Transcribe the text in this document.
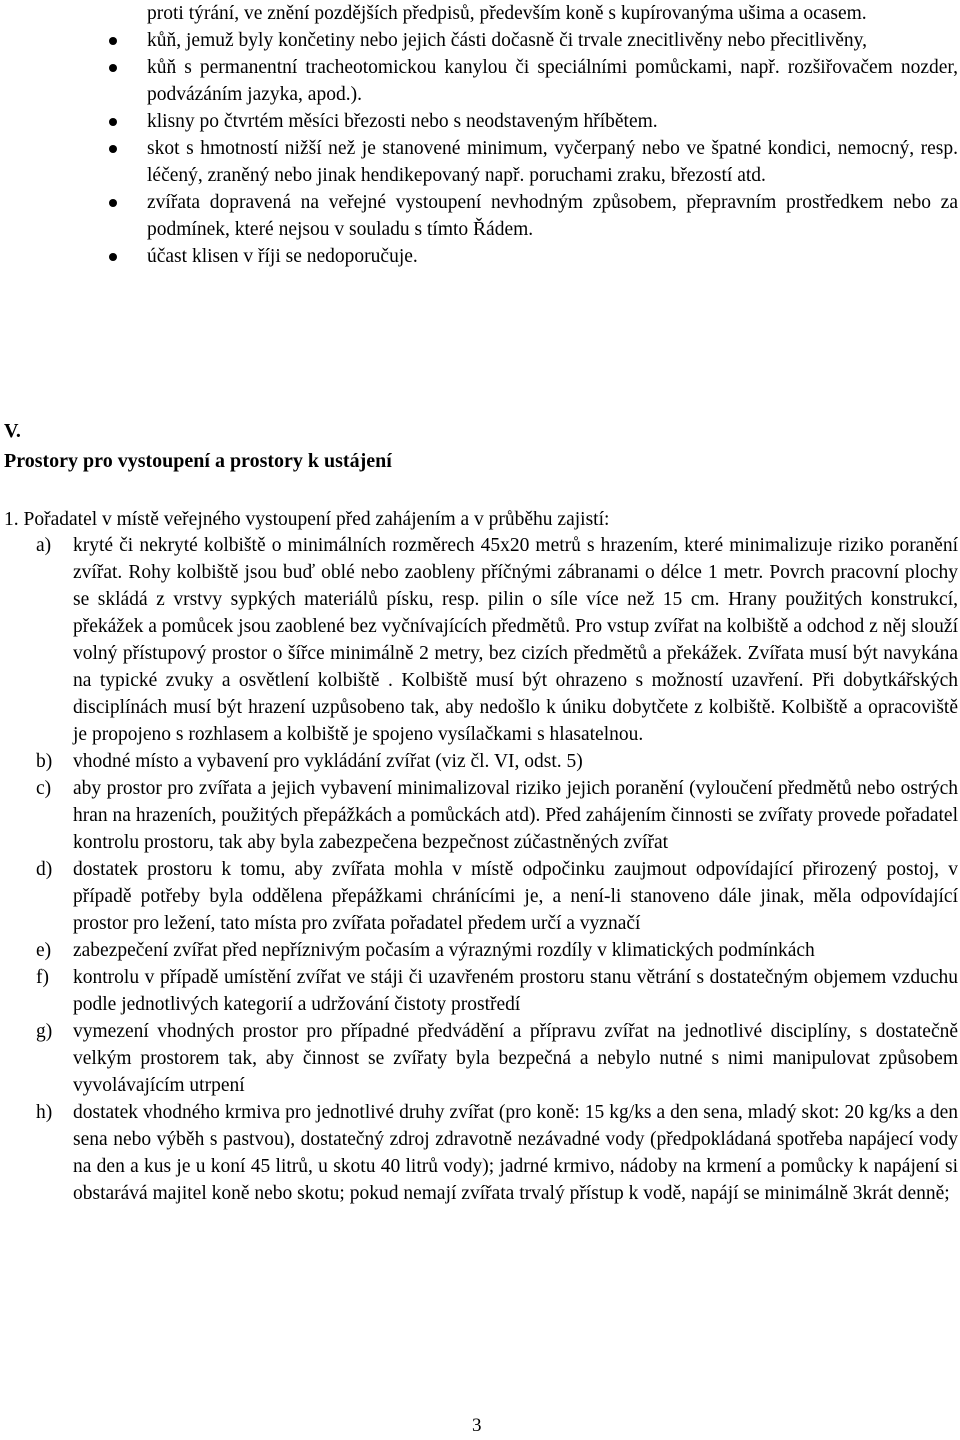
proti týrání, ve znění pozdějších předpisů, především koně s kupírovanýma ušima a ocasem.
kůň, jemuž byly končetiny nebo jejich části dočasně či trvale znecitlivěny nebo přecitlivěny,
kůň s permanentní tracheotomickou kanylou či speciálními pomůckami, např. rozšiřovačem nozder, podvázáním jazyka, apod.).
klisny po čtvrtém měsíci březosti nebo s neodstaveným hříbětem.
skot s hmotností nižší než je stanovené minimum, vyčerpaný nebo ve špatné kondici, nemocný, resp. léčený, zraněný nebo jinak hendikepovaný např. poruchami zraku, březostí atd.
zvířata dopravená na veřejné vystoupení nevhodným způsobem, přepravním prostředkem nebo za podmínek, které nejsou v souladu s tímto Řádem.
účast klisen v říji se nedoporučuje.
V.
Prostory pro vystoupení a prostory k ustájení
1. Pořadatel v místě veřejného vystoupení před zahájením a v průběhu zajistí:
a) kryté či nekryté kolbiště o minimálních rozměrech 45x20 metrů s hrazením, které minimalizuje riziko poranění zvířat. Rohy kolbiště jsou buď oblé nebo zaobleny příčnými zábranami o délce 1 metr. Povrch pracovní plochy se skládá z vrstvy sypkých materiálů písku, resp. pilin o síle více než 15 cm. Hrany použitých konstrukcí, překážek a pomůcek jsou zaoblené bez vyčnívajících předmětů. Pro vstup zvířat na kolbiště a odchod z něj slouží volný přístupový prostor o šířce minimálně 2 metry, bez cizích předmětů a překážek. Zvířata musí být navykána na typické zvuky a osvětlení kolbiště . Kolbiště musí být ohrazeno s možností uzavření. Při dobytkářských disciplínách musí být hrazení uzpůsobeno tak, aby nedošlo k úniku dobytčete z kolbiště. Kolbiště a opracoviště je propojeno s rozhlasem a kolbiště je spojeno vysílačkami s hlasatelnou.
b) vhodné místo a vybavení pro vykládání zvířat (viz čl. VI, odst. 5)
c) aby prostor pro zvířata a jejich vybavení minimalizoval riziko jejich poranění (vyloučení předmětů nebo ostrých hran na hrazeních, použitých přepážkách a pomůckách atd). Před zahájením činnosti se zvířaty provede pořadatel kontrolu prostoru, tak aby byla zabezpečena bezpečnost zúčastněných zvířat
d) dostatek prostoru k tomu, aby zvířata mohla v místě odpočinku zaujmout odpovídající přirozený postoj, v případě potřeby byla oddělena přepážkami chránícími je, a není-li stanoveno dále jinak, měla odpovídající prostor pro ležení, tato místa pro zvířata pořadatel předem určí a vyznačí
e) zabezpečení zvířat před nepříznivým počasím a výraznými rozdíly v klimatických podmínkách
f) kontrolu v případě umístění zvířat ve stáji či uzavřeném prostoru stanu větrání s dostatečným objemem vzduchu podle jednotlivých kategorií a udržování čistoty prostředí
g) vymezení vhodných prostor pro případné předvádění a přípravu zvířat na jednotlivé disciplíny, s dostatečně velkým prostorem tak, aby činnost se zvířaty byla bezpečná a nebylo nutné s nimi manipulovat způsobem vyvolávajícím utrpení
h) dostatek vhodného krmiva pro jednotlivé druhy zvířat (pro koně: 15 kg/ks a den sena, mladý skot: 20 kg/ks a den sena nebo výběh s pastvou), dostatečný zdroj zdravotně nezávadné vody (předpokládaná spotřeba napájecí vody na den a kus je u koní 45 litrů, u skotu 40 litrů vody); jadrné krmivo, nádoby na krmení a pomůcky k napájení si obstarává majitel koně nebo skotu; pokud nemají zvířata trvalý přístup k vodě, napájí se minimálně 3krát denně;
3
